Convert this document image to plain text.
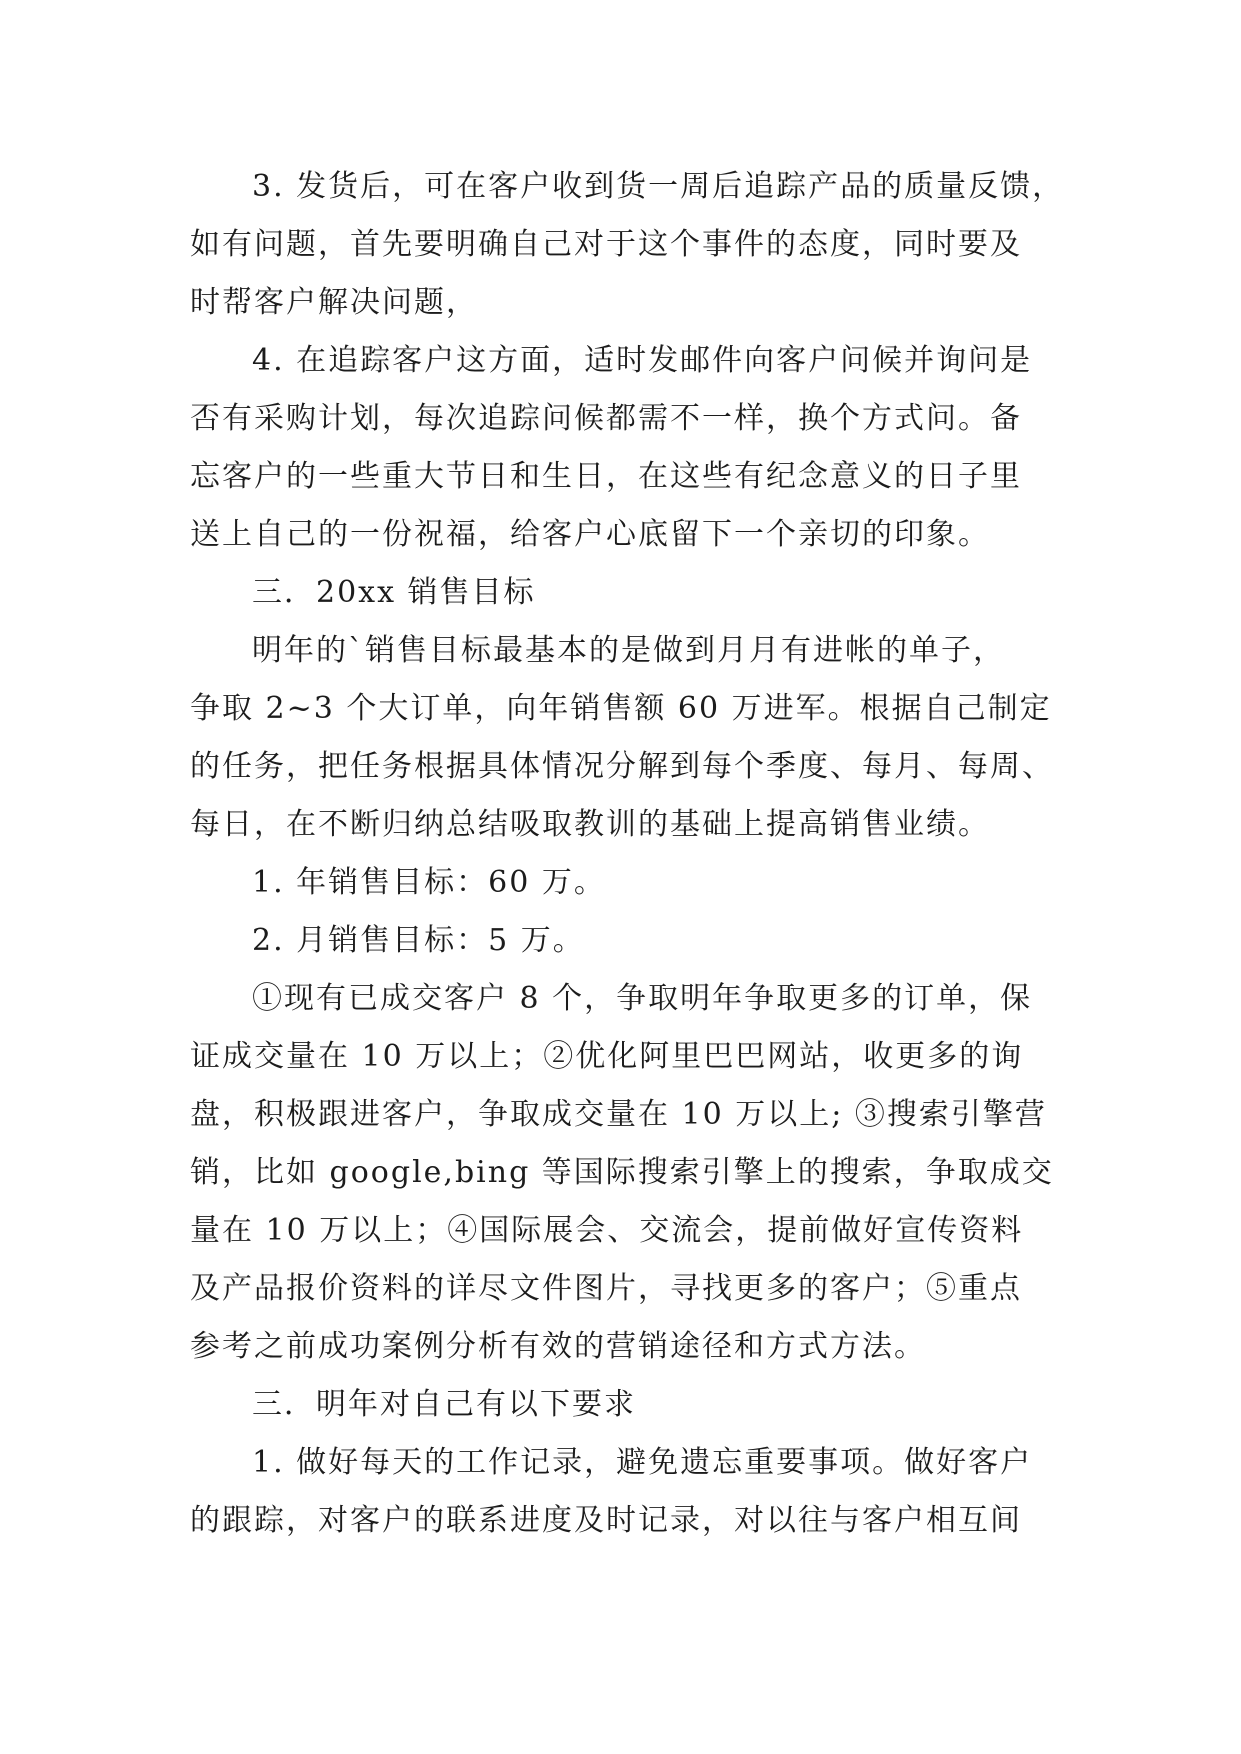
3. 发货后，可在客户收到货一周后追踪产品的质量反馈，
如有问题，首先要明确自己对于这个事件的态度，同时要及
时帮客户解决问题，
4. 在追踪客户这方面，适时发邮件向客户问候并询问是
否有采购计划，每次追踪问候都需不一样，换个方式问。备
忘客户的一些重大节日和生日，在这些有纪念意义的日子里
送上自己的一份祝福，给客户心底留下一个亲切的印象。
三．20xx 销售目标
明年的`销售目标最基本的是做到月月有进帐的单子，
争取 2~3 个大订单，向年销售额 60 万进军。根据自己制定
的任务，把任务根据具体情况分解到每个季度、每月、每周、
每日，在不断归纳总结吸取教训的基础上提高销售业绩。
1. 年销售目标：60 万。
2. 月销售目标：5 万。
①现有已成交客户 8 个，争取明年争取更多的订单，保
证成交量在 10 万以上；②优化阿里巴巴网站，收更多的询
盘，积极跟进客户，争取成交量在 10 万以上; ③搜索引擎营
销，比如 google,bing 等国际搜索引擎上的搜索，争取成交
量在 10 万以上；④国际展会、交流会，提前做好宣传资料
及产品报价资料的详尽文件图片，寻找更多的客户；⑤重点
参考之前成功案例分析有效的营销途径和方式方法。
三．明年对自己有以下要求
1. 做好每天的工作记录，避免遗忘重要事项。做好客户
的跟踪，对客户的联系进度及时记录，对以往与客户相互间
